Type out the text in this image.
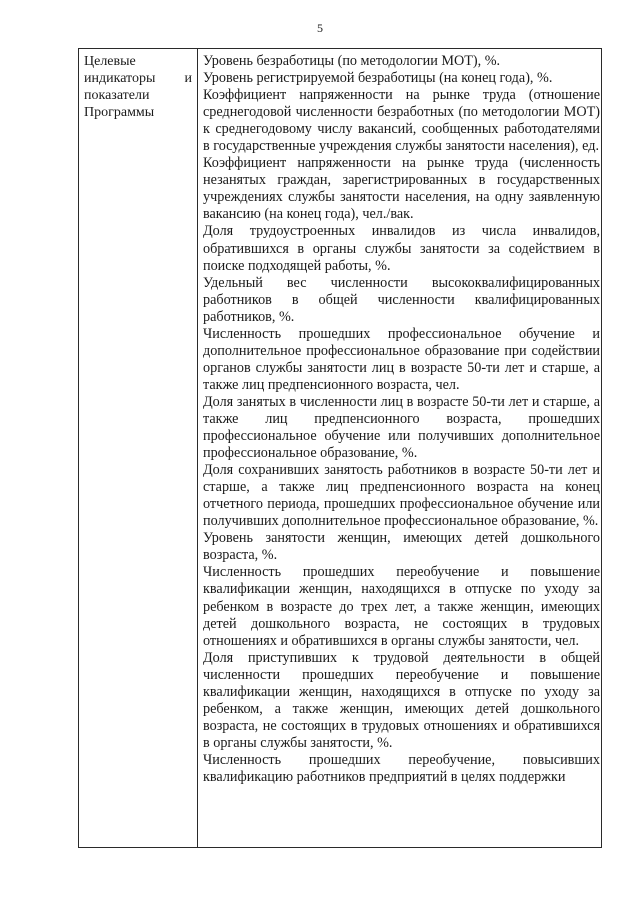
5
Целевые
индикаторы и
показатели
Программы

Уровень безработицы (по методологии МОТ), %.

Уровень регистрируемой безработицы (на конец года), %.

Коэффициент напряженности на рынке труда (отношение среднегодовой численности безработных (по методологии МОТ) к среднегодовому числу вакансий, сообщенных работодателями в государственные учреждения службы занятости населения), ед.

Коэффициент напряженности на рынке труда (численность незанятых граждан, зарегистрированных в государственных учреждениях службы занятости населения, на одну заявленную вакансию (на конец года), чел./вак.

Доля трудоустроенных инвалидов из числа инвалидов, обратившихся в органы службы занятости за содействием в поиске подходящей работы, %.

Удельный вес численности высококвалифицированных работников в общей численности квалифицированных работников, %.

Численность прошедших профессиональное обучение и дополнительное профессиональное образование при содействии органов службы занятости лиц в возрасте 50-ти лет и старше, а также лиц предпенсионного возраста, чел.

Доля занятых в численности лиц в возрасте 50-ти лет и старше, а также лиц предпенсионного возраста, прошедших профессиональное обучение или получивших дополнительное профессиональное образование, %.

Доля сохранивших занятость работников в возрасте 50-ти лет и старше, а также лиц предпенсионного возраста на конец отчетного периода, прошедших профессиональное обучение или получивших дополнительное профессиональное образование, %.

Уровень занятости женщин, имеющих детей дошкольного возраста, %.

Численность прошедших переобучение и повышение квалификации женщин, находящихся в отпуске по уходу за ребенком в возрасте до трех лет, а также женщин, имеющих детей дошкольного возраста, не состоящих в трудовых отношениях и обратившихся в органы службы занятости, чел.

Доля приступивших к трудовой деятельности в общей численности прошедших переобучение и повышение квалификации женщин, находящихся в отпуске по уходу за ребенком, а также женщин, имеющих детей дошкольного возраста, не состоящих в трудовых отношениях и обратившихся в органы службы занятости, %.

Численность прошедших переобучение, повысивших квалификацию работников предприятий в целях поддержки
